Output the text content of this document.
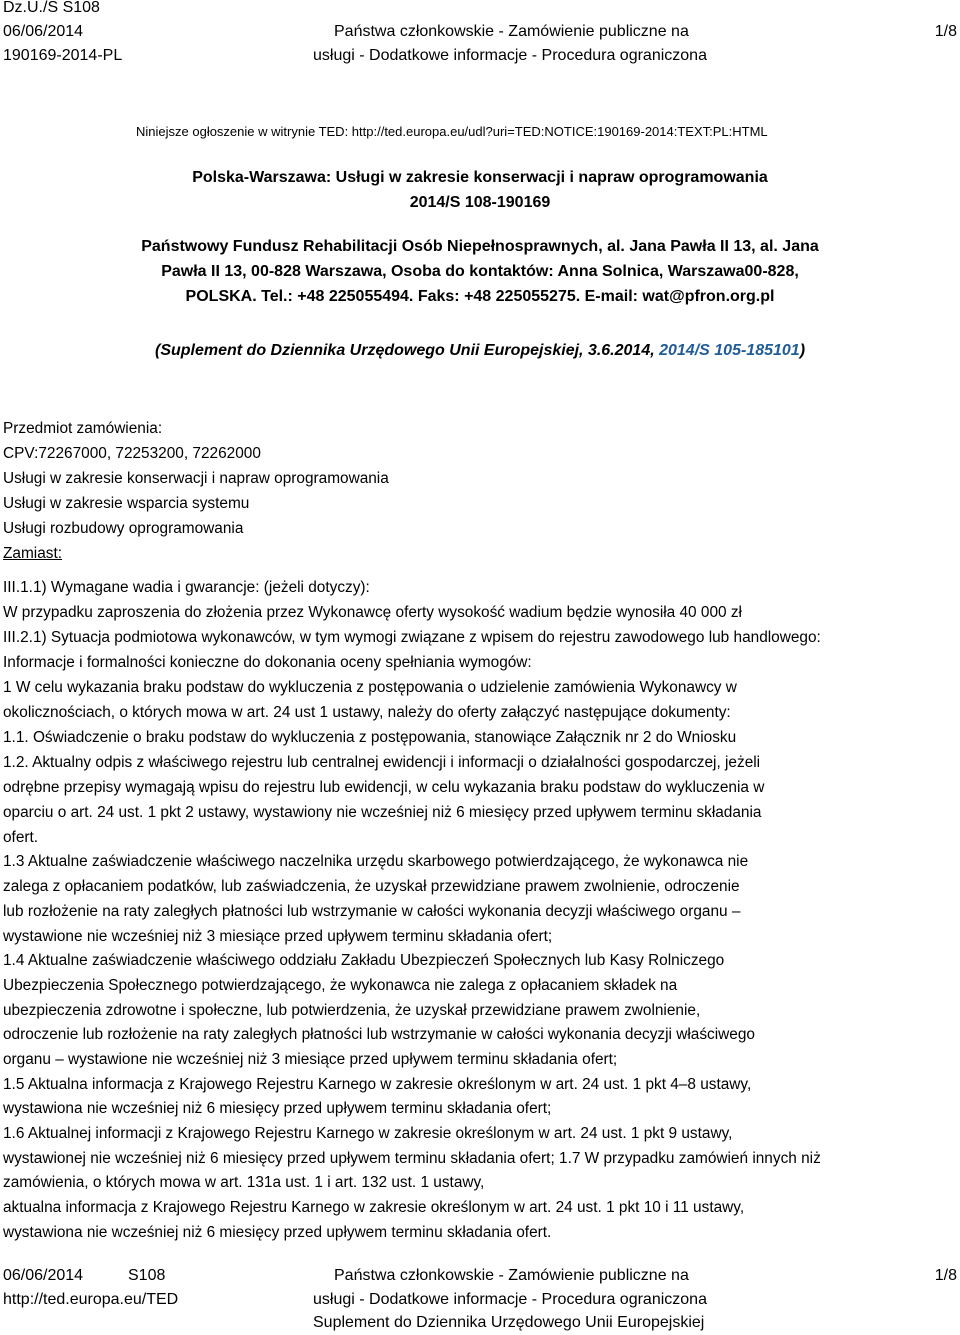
Dz.U./S S108
06/06/2014
190169-2014-PL
Państwa członkowskie - Zamówienie publiczne na
usługi - Dodatkowe informacje - Procedura ograniczona
1/8
Niniejsze ogłoszenie w witrynie TED: http://ted.europa.eu/udl?uri=TED:NOTICE:190169-2014:TEXT:PL:HTML
Polska-Warszawa: Usługi w zakresie konserwacji i napraw oprogramowania
2014/S 108-190169
Państwowy Fundusz Rehabilitacji Osób Niepełnosprawnych, al. Jana Pawła II 13, al. Jana
Pawła II 13, 00-828 Warszawa, Osoba do kontaktów: Anna Solnica, Warszawa00-828,
POLSKA. Tel.: +48 225055494. Faks: +48 225055275. E-mail: wat@pfron.org.pl
(Suplement do Dziennika Urzędowego Unii Europejskiej, 3.6.2014, 2014/S 105-185101)
Przedmiot zamówienia:
CPV:72267000, 72253200, 72262000
Usługi w zakresie konserwacji i napraw oprogramowania
Usługi w zakresie wsparcia systemu
Usługi rozbudowy oprogramowania
Zamiast:
III.1.1) Wymagane wadia i gwarancje: (jeżeli dotyczy):
W przypadku zaproszenia do złożenia przez Wykonawcę oferty wysokość wadium będzie wynosiła 40 000 zł
III.2.1) Sytuacja podmiotowa wykonawców, w tym wymogi związane z wpisem do rejestru zawodowego lub handlowego:
Informacje i formalności konieczne do dokonania oceny spełniania wymogów:
1 W celu wykazania braku podstaw do wykluczenia z postępowania o udzielenie zamówienia Wykonawcy w
okolicznościach, o których mowa w art. 24 ust 1 ustawy, należy do oferty załączyć następujące dokumenty:
1.1. Oświadczenie o braku podstaw do wykluczenia z postępowania, stanowiące Załącznik nr 2 do Wniosku
1.2. Aktualny odpis z właściwego rejestru lub centralnej ewidencji i informacji o działalności gospodarczej, jeżeli
odrębne przepisy wymagają wpisu do rejestru lub ewidencji, w celu wykazania braku podstaw do wykluczenia w
oparciu o art. 24 ust. 1 pkt 2 ustawy, wystawiony nie wcześniej niż 6 miesięcy przed upływem terminu składania
ofert.
1.3 Aktualne zaświadczenie właściwego naczelnika urzędu skarbowego potwierdzającego, że wykonawca nie
zalega z opłacaniem podatków, lub zaświadczenia, że uzyskał przewidziane prawem zwolnienie, odroczenie
lub rozłożenie na raty zaległych płatności lub wstrzymanie w całości wykonania decyzji właściwego organu –
wystawione nie wcześniej niż 3 miesiące przed upływem terminu składania ofert;
1.4 Aktualne zaświadczenie właściwego oddziału Zakładu Ubezpieczeń Społecznych lub Kasy Rolniczego
Ubezpieczenia Społecznego potwierdzającego, że wykonawca nie zalega z opłacaniem składek na
ubezpieczenia zdrowotne i społeczne, lub potwierdzenia, że uzyskał przewidziane prawem zwolnienie,
odroczenie lub rozłożenie na raty zaległych płatności lub wstrzymanie w całości wykonania decyzji właściwego
organu – wystawione nie wcześniej niż 3 miesiące przed upływem terminu składania ofert;
1.5 Aktualna informacja z Krajowego Rejestru Karnego w zakresie określonym w art. 24 ust. 1 pkt 4–8 ustawy,
wystawiona nie wcześniej niż 6 miesięcy przed upływem terminu składania ofert;
1.6 Aktualnej informacji z Krajowego Rejestru Karnego w zakresie określonym w art. 24 ust. 1 pkt 9 ustawy,
wystawionej nie wcześniej niż 6 miesięcy przed upływem terminu składania ofert; 1.7 W przypadku zamówień innych niż
zamówienia, o których mowa w art. 131a ust. 1 i art. 132 ust. 1 ustawy,
aktualna informacja z Krajowego Rejestru Karnego w zakresie określonym w art. 24 ust. 1 pkt 10 i 11 ustawy,
wystawiona nie wcześniej niż 6 miesięcy przed upływem terminu składania ofert.
06/06/2014	S108
http://ted.europa.eu/TED
Państwa członkowskie - Zamówienie publiczne na
usługi - Dodatkowe informacje - Procedura ograniczona
Suplement do Dziennika Urzędowego Unii Europejskiej
1/8
